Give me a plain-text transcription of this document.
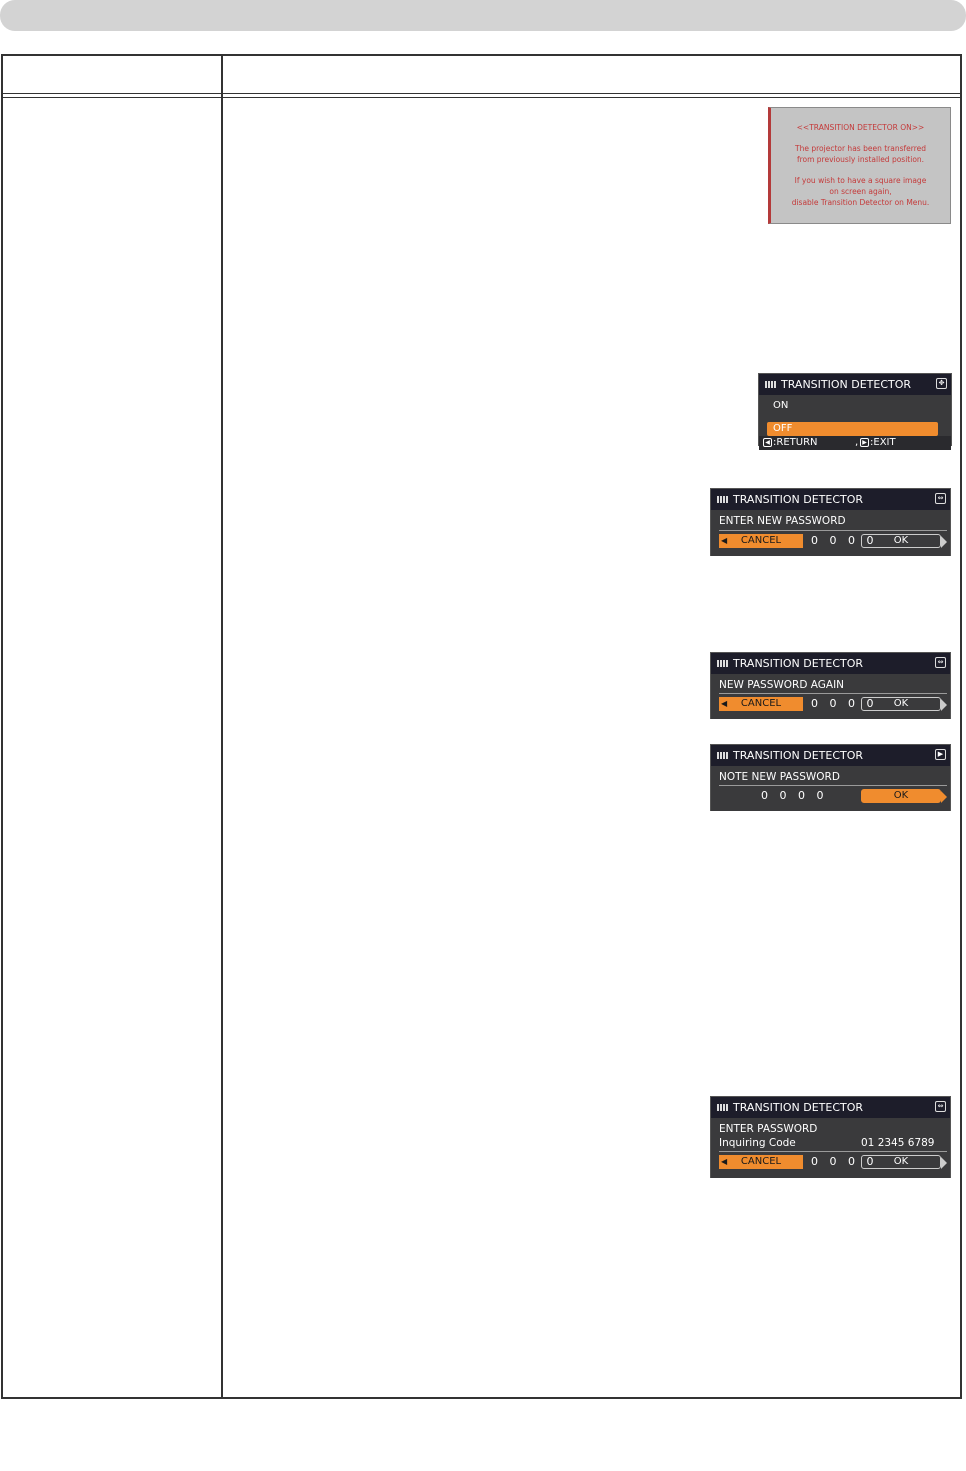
<<TRANSITION DETECTOR ON>>
The projector has been transferred
from previously installed position.
If you wish to have a square image
on screen again,
disable Transition Detector on Menu.
TRANSITION DETECTOR	✥
ON
OFF
◀ :RETURN	, ▶ :EXIT
TRANSITION DETECTOR	⇔
ENTER NEW PASSWORD
◀ CANCEL	0 0 0 0	OK
TRANSITION DETECTOR	⇔
NEW PASSWORD AGAIN
◀ CANCEL	0 0 0 0	OK
TRANSITION DETECTOR	▶
NOTE NEW PASSWORD
0 0 0 0	OK
TRANSITION DETECTOR	⇔
ENTER PASSWORD
Inquiring Code	01 2345 6789
◀ CANCEL	0 0 0 0	OK
